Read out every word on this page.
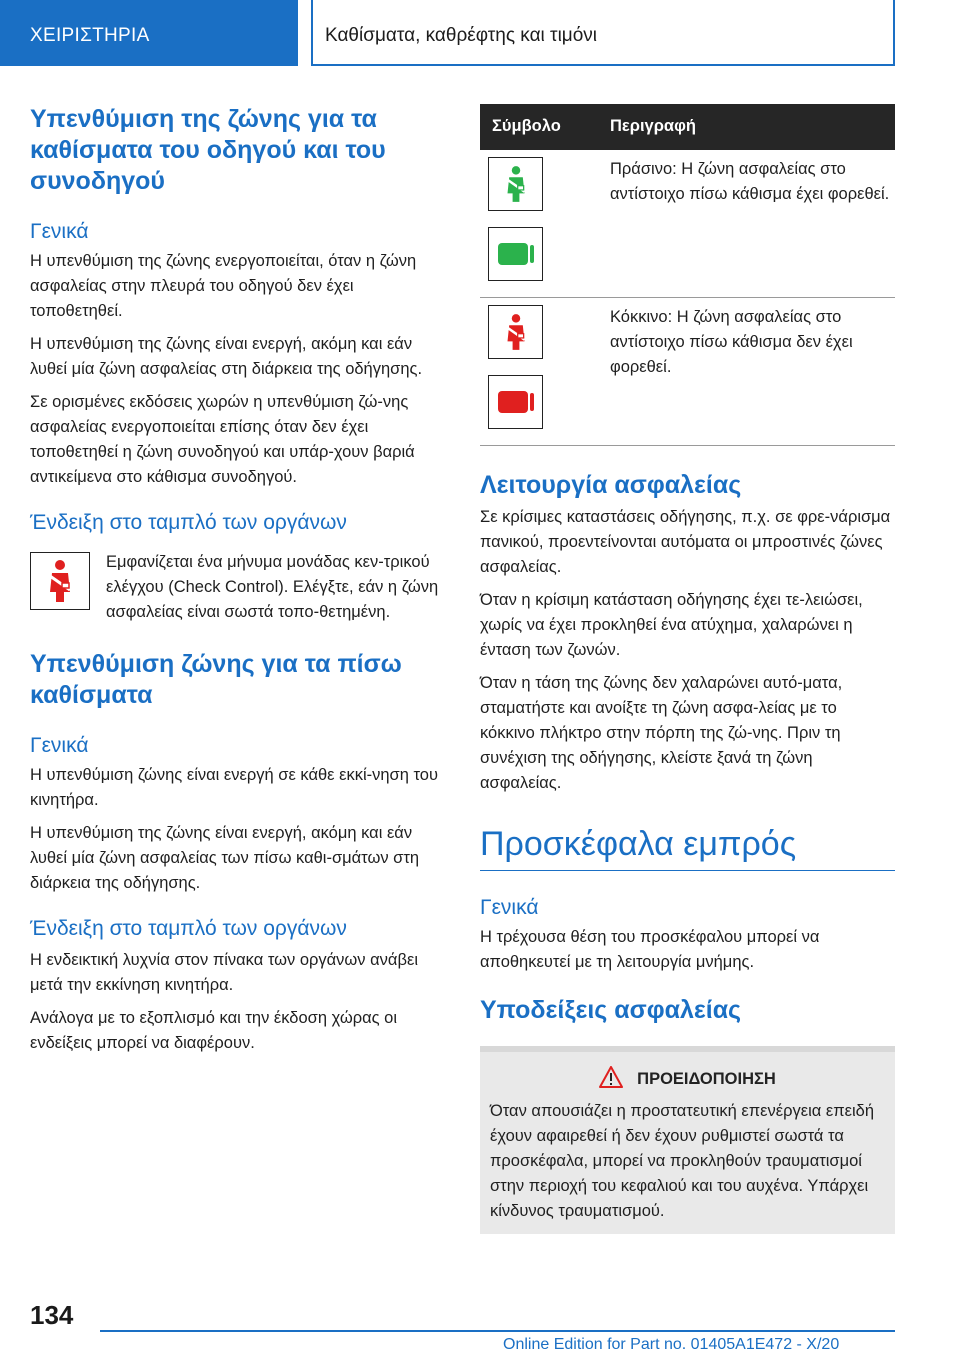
ΧΕΙΡΙΣΤΗΡΙΑ	Καθίσματα, καθρέφτης και τιμόνι
Υπενθύμιση της ζώνης για τα καθίσματα του οδηγού και του συνοδηγού
Γενικά

Η υπενθύμιση της ζώνης ενεργοποιείται, όταν η ζώνη ασφαλείας στην πλευρά του οδηγού δεν έχει τοποθετηθεί.

Η υπενθύμιση της ζώνης είναι ενεργή, ακόμη και εάν λυθεί μία ζώνη ασφαλείας στη διάρκεια της οδήγησης.

Σε ορισμένες εκδόσεις χωρών η υπενθύμιση ζώ-νης ασφαλείας ενεργοποιείται επίσης όταν δεν έχει τοποθετηθεί η ζώνη συνοδηγού και υπάρ-χουν βαριά αντικείμενα στο κάθισμα συνοδηγού.

Ένδειξη στο ταμπλό των οργάνων

Εμφανίζεται ένα μήνυμα μονάδας κεν-τρικού ελέγχου (Check Control). Ελέγξτε, εάν η ζώνη ασφαλείας είναι σωστά τοπο-θετημένη.

Υπενθύμιση ζώνης για τα πίσω καθίσματα
Γενικά

Η υπενθύμιση ζώνης είναι ενεργή σε κάθε εκκί-νηση του κινητήρα.

Η υπενθύμιση της ζώνης είναι ενεργή, ακόμη και εάν λυθεί μία ζώνη ασφαλείας των πίσω καθι-σμάτων στη διάρκεια της οδήγησης.

Ένδειξη στο ταμπλό των οργάνων

Η ενδεικτική λυχνία στον πίνακα των οργάνων ανάβει μετά την εκκίνηση κινητήρα.

Ανάλογα με το εξοπλισμό και την έκδοση χώρας οι ενδείξεις μπορεί να διαφέρουν.

Σύμβολο	Περιγραφή
Πράσινο: Η ζώνη ασφαλείας στο αντίστοιχο πίσω κάθισμα έχει φορεθεί.
Κόκκινο: Η ζώνη ασφαλείας στο αντίστοιχο πίσω κάθισμα δεν έχει φορεθεί.
Λειτουργία ασφαλείας

Σε κρίσιμες καταστάσεις οδήγησης, π.χ. σε φρε-νάρισμα πανικού, προεντείνονται αυτόματα οι μπροστινές ζώνες ασφαλείας.

Όταν η κρίσιμη κατάσταση οδήγησης έχει τε-λειώσει, χωρίς να έχει προκληθεί ένα ατύχημα, χαλαρώνει η ένταση των ζωνών.

Όταν η τάση της ζώνης δεν χαλαρώνει αυτό-ματα, σταματήστε και ανοίξτε τη ζώνη ασφα-λείας με το κόκκινο πλήκτρο στην πόρπη της ζώ-νης. Πριν τη συνέχιση της οδήγησης, κλείστε ξανά τη ζώνη ασφαλείας.

Προσκέφαλα εμπρός
Γενικά

Η τρέχουσα θέση του προσκέφαλου μπορεί να αποθηκευτεί με τη λειτουργία μνήμης.

Υποδείξεις ασφαλείας
ΠΡΟΕΙΔΟΠΟΙΗΣΗ

Όταν απουσιάζει η προστατευτική επενέργεια επειδή έχουν αφαιρεθεί ή δεν έχουν ρυθμιστεί σωστά τα προσκέφαλα, μπορεί να προκληθούν τραυματισμοί στην περιοχή του κεφαλιού και του αυχένα. Υπάρχει κίνδυνος τραυματισμού.

134
Online Edition for Part no. 01405A1E472 - X/20
